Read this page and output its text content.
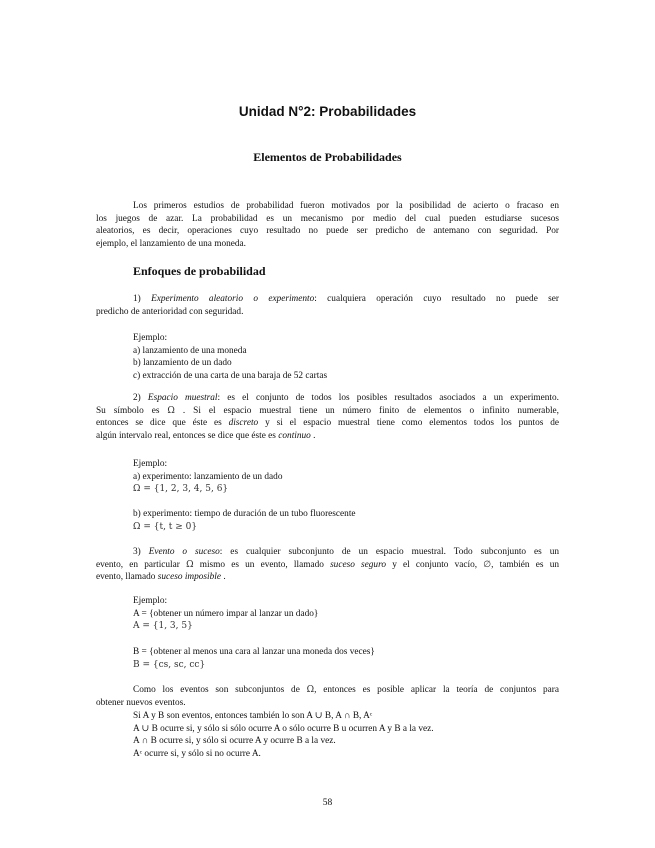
Unidad N°2: Probabilidades
Elementos de Probabilidades
Los primeros estudios de probabilidad fueron motivados por la posibilidad de acierto o fracaso en
los juegos de azar. La probabilidad es un mecanismo por medio del cual pueden estudiarse sucesos
aleatorios, es decir, operaciones cuyo resultado no puede ser predicho de antemano con seguridad. Por
ejemplo, el lanzamiento de una moneda.
Enfoques de probabilidad
1) Experimento aleatorio o experimento: cualquiera operación cuyo resultado no puede ser
predicho de anterioridad con seguridad.
Ejemplo:
a) lanzamiento de una moneda
b) lanzamiento de un dado
c) extracción de una carta de una baraja de 52 cartas
2) Espacio muestral: es el conjunto de todos los posibles resultados asociados a un experimento.
Su símbolo es Ω . Si el espacio muestral tiene un número finito de elementos o infinito numerable,
entonces se dice que éste es discreto y si el espacio muestral tiene como elementos todos los puntos de
algún intervalo real, entonces se dice que éste es continuo .
Ejemplo:
a) experimento: lanzamiento de un dado
Ω = {1, 2, 3, 4, 5, 6}
b) experimento: tiempo de duración de un tubo fluorescente
Ω = {t, t ≥ 0}
3) Evento o suceso: es cualquier subconjunto de un espacio muestral. Todo subconjunto es un
evento, en particular Ω mismo es un evento, llamado suceso seguro y el conjunto vacío, ∅, también es un
evento, llamado suceso imposible .
Ejemplo:
A = {obtener un número impar al lanzar un dado}
A = {1, 3, 5}
B = {obtener al menos una cara al lanzar una moneda dos veces}
B = {cs, sc, cc}
Como los eventos son subconjuntos de Ω, entonces es posible aplicar la teoría de conjuntos para
obtener nuevos eventos.
Si A y B son eventos, entonces también lo son A ∪ B, A ∩ B, Aᶜ
A ∪ B ocurre si, y sólo si sólo ocurre A o sólo ocurre B u ocurren A y B a la vez.
A ∩ B ocurre si, y sólo si ocurre A y ocurre B a la vez.
Aᶜ ocurre si, y sólo si no ocurre A.
58
